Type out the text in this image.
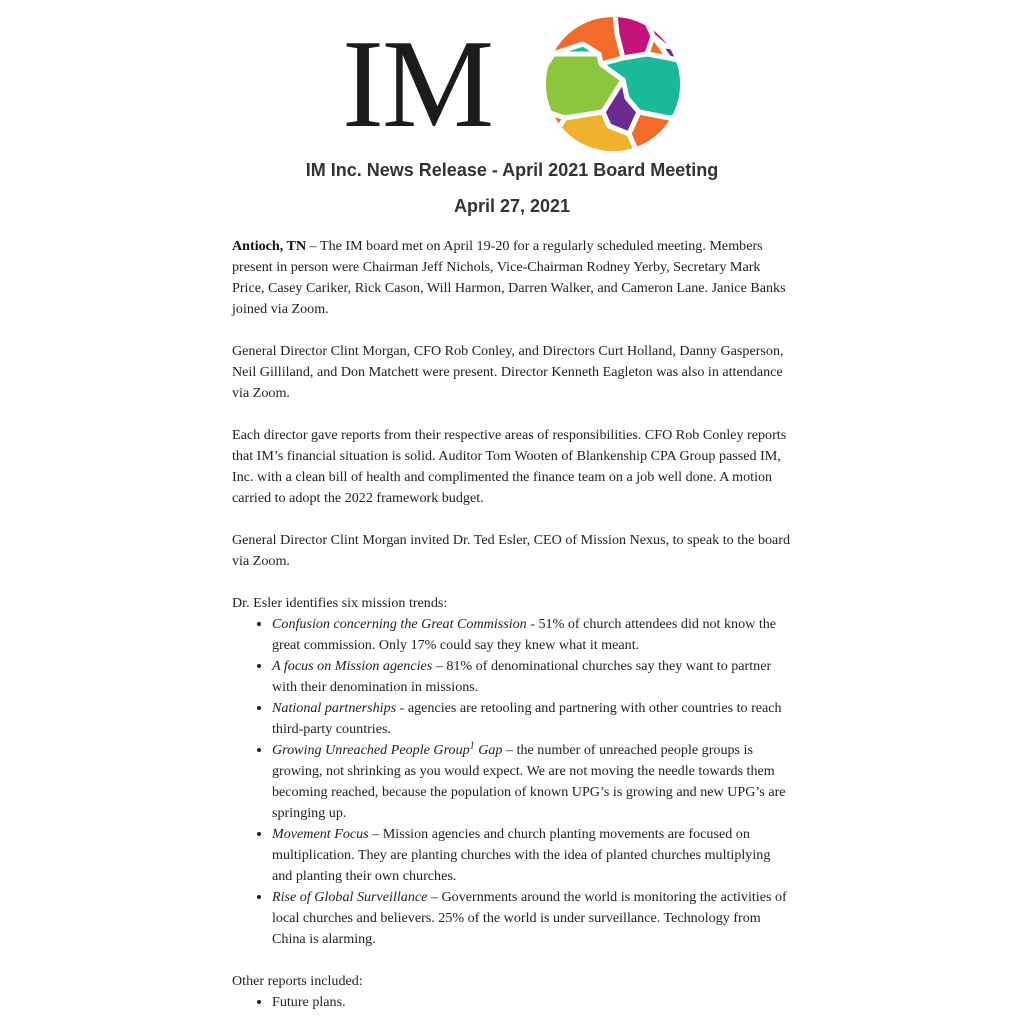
IM
IM Inc. News Release - April 2021 Board Meeting
April 27, 2021

Antioch, TN – The IM board met on April 19-20 for a regularly scheduled meeting. Members present in person were Chairman Jeff Nichols, Vice-Chairman Rodney Yerby, Secretary Mark Price, Casey Cariker, Rick Cason, Will Harmon, Darren Walker, and Cameron Lane. Janice Banks joined via Zoom.

General Director Clint Morgan, CFO Rob Conley, and Directors Curt Holland, Danny Gasperson, Neil Gilliland, and Don Matchett were present. Director Kenneth Eagleton was also in attendance via Zoom.

Each director gave reports from their respective areas of responsibilities. CFO Rob Conley reports that IM’s financial situation is solid. Auditor Tom Wooten of Blankenship CPA Group passed IM, Inc. with a clean bill of health and complimented the finance team on a job well done. A motion carried to adopt the 2022 framework budget.

General Director Clint Morgan invited Dr. Ted Esler, CEO of Mission Nexus, to speak to the board via Zoom.

Dr. Esler identifies six mission trends:

• Confusion concerning the Great Commission - 51% of church attendees did not know the great commission. Only 17% could say they knew what it meant.
• A focus on Mission agencies – 81% of denominational churches say they want to partner with their denomination in missions.
• National partnerships - agencies are retooling and partnering with other countries to reach third-party countries.
• Growing Unreached People Group$^1$ Gap – the number of unreached people groups is growing, not shrinking as you would expect. We are not moving the needle towards them becoming reached, because the population of known UPG’s is growing and new UPG’s are springing up.
• Movement Focus – Mission agencies and church planting movements are focused on multiplication. They are planting churches with the idea of planted churches multiplying and planting their own churches.
• Rise of Global Surveillance – Governments around the world is monitoring the activities of local churches and believers. 25% of the world is under surveillance. Technology from China is alarming.

Other reports included:

• Future plans.
